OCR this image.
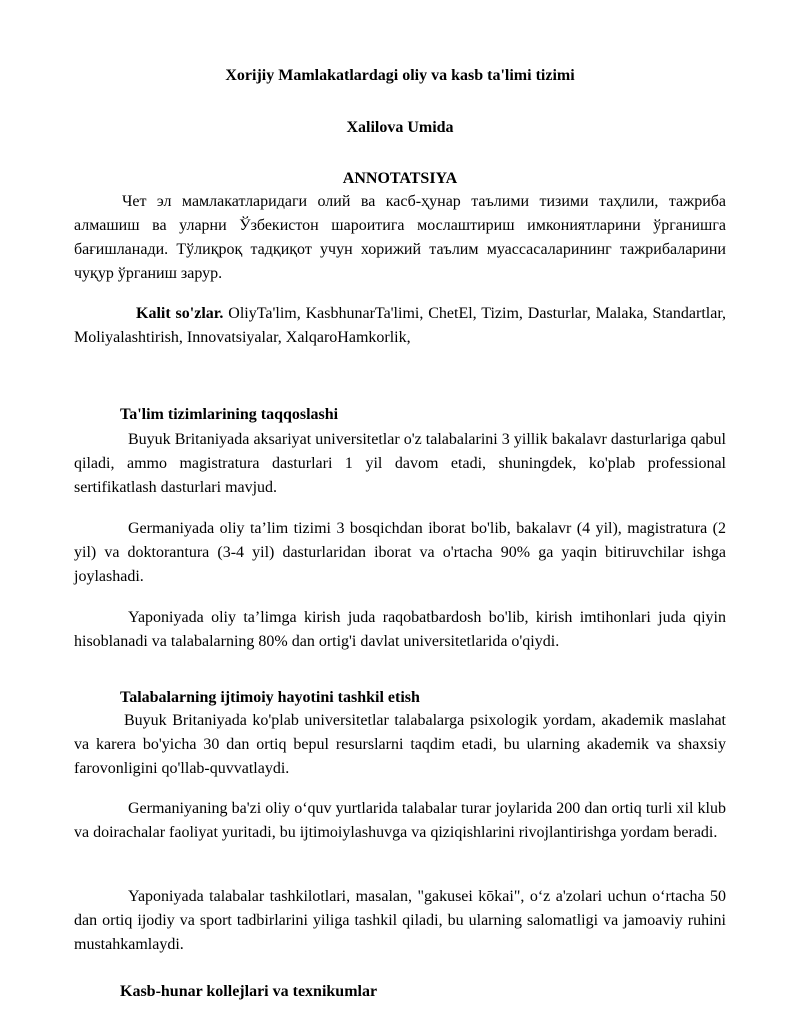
Xorijiy Mamlakatlardagi oliy va kasb ta'limi tizimi

Xalilova Umida

ANNOTATSIYA

Чет эл мамлакатларидаги олий ва касб-ҳунар таълими тизими таҳлили, тажриба алмашиш ва уларни Ўзбекистон шароитига мослаштириш имкониятларини ўрганишга бағишланади. Тўлиқроқ тадқиқот учун хорижий таълим муассасаларининг тажрибаларини чуқур ўрганиш зарур.

Kalit so'zlar. OliyTa'lim, KasbhunarTa'limi, ChetEl, Tizim, Dasturlar, Malaka, Standartlar, Moliyalashtirish, Innovatsiyalar, XalqaroHamkorlik,

Ta'lim tizimlarining taqqoslashi

Buyuk Britaniyada aksariyat universitetlar o'z talabalarini 3 yillik bakalavr dasturlariga qabul qiladi, ammo magistratura dasturlari 1 yil davom etadi, shuningdek, ko'plab professional sertifikatlash dasturlari mavjud.

Germaniyada oliy ta’lim tizimi 3 bosqichdan iborat bo'lib, bakalavr (4 yil), magistratura (2 yil) va doktorantura (3-4 yil) dasturlaridan iborat va o'rtacha 90% ga yaqin bitiruvchilar ishga joylashadi.

Yaponiyada oliy ta’limga kirish juda raqobatbardosh bo'lib, kirish imtihonlari juda qiyin hisoblanadi va talabalarning 80% dan ortig'i davlat universitetlarida o'qiydi.

Talabalarning ijtimoiy hayotini tashkil etish

Buyuk Britaniyada ko'plab universitetlar talabalarga psixologik yordam, akademik maslahat va karera bo'yicha 30 dan ortiq bepul resurslarni taqdim etadi, bu ularning akademik va shaxsiy farovonligini qo'llab-quvvatlaydi.

Germaniyaning ba'zi oliy o‘quv yurtlarida talabalar turar joylarida 200 dan ortiq turli xil klub va doirachalar faoliyat yuritadi, bu ijtimoiylashuvga va qiziqishlarini rivojlantirishga yordam beradi.

Yaponiyada talabalar tashkilotlari, masalan, "gakusei kōkai", o‘z a'zolari uchun o‘rtacha 50 dan ortiq ijodiy va sport tadbirlarini yiliga tashkil qiladi, bu ularning salomatligi va jamoaviy ruhini mustahkamlaydi.

Kasb-hunar kollejlari va texnikumlar
